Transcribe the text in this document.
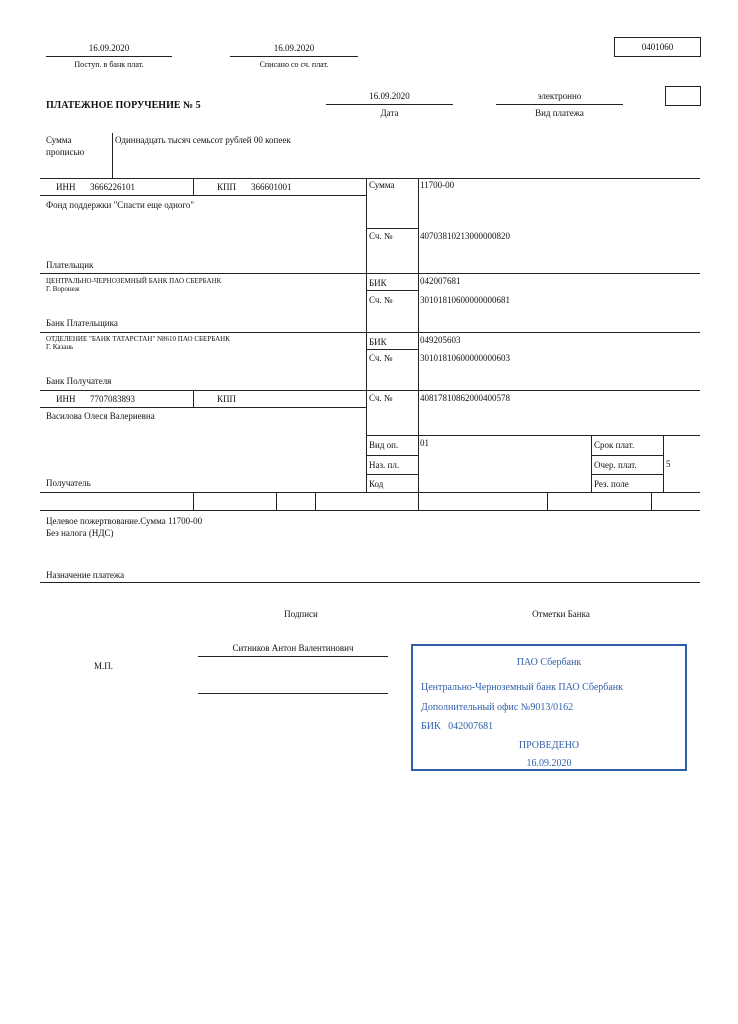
16.09.2020
Поступ. в банк плат.
16.09.2020
Списано со сч. плат.
0401060
ПЛАТЕЖНОЕ ПОРУЧЕНИЕ № 5
16.09.2020
Дата
электронно
Вид платежа
Сумма
прописью
Одиннадцать тысяч семьсот рублей 00 копеек
ИНН 3666226101	КПП 366601001
Фонд поддержки "Спасти еще одного"
Плательщик
Сумма	11700-00
Сч. №	40703810213000000820
ЦЕНТРАЛЬНО-ЧЕРНОЗЕМНЫЙ БАНК ПАО СБЕРБАНК
Г. Воронеж
Банк Плательщика
БИК	042007681
Сч. №	30101810600000000681
ОТДЕЛЕНИЕ "БАНК ТАТАРСТАН" N8610 ПАО СБЕРБАНК
Г. Казань
Банк Получателя
БИК	049205603
Сч. №	30101810600000000603
ИНН 7707083893	КПП
Василова Олеся Валериевна
Получатель
Сч. №	40817810862000400578
Вид оп. 01
Наз. пл.
Код
Срок плат.
Очер. плат.	5
Рез. поле
Целевое пожертвование.Сумма 11700-00
Без налога (НДС)
Назначение платежа
Подписи	Отметки Банка
Ситников Антон Валентинович
М.П.	ПАО Сбербанк
Центрально-Черноземный банк ПАО Сбербанк
Дополнительный офис №9013/0162
БИК   042007681
ПРОВЕДЕНО
16.09.2020
